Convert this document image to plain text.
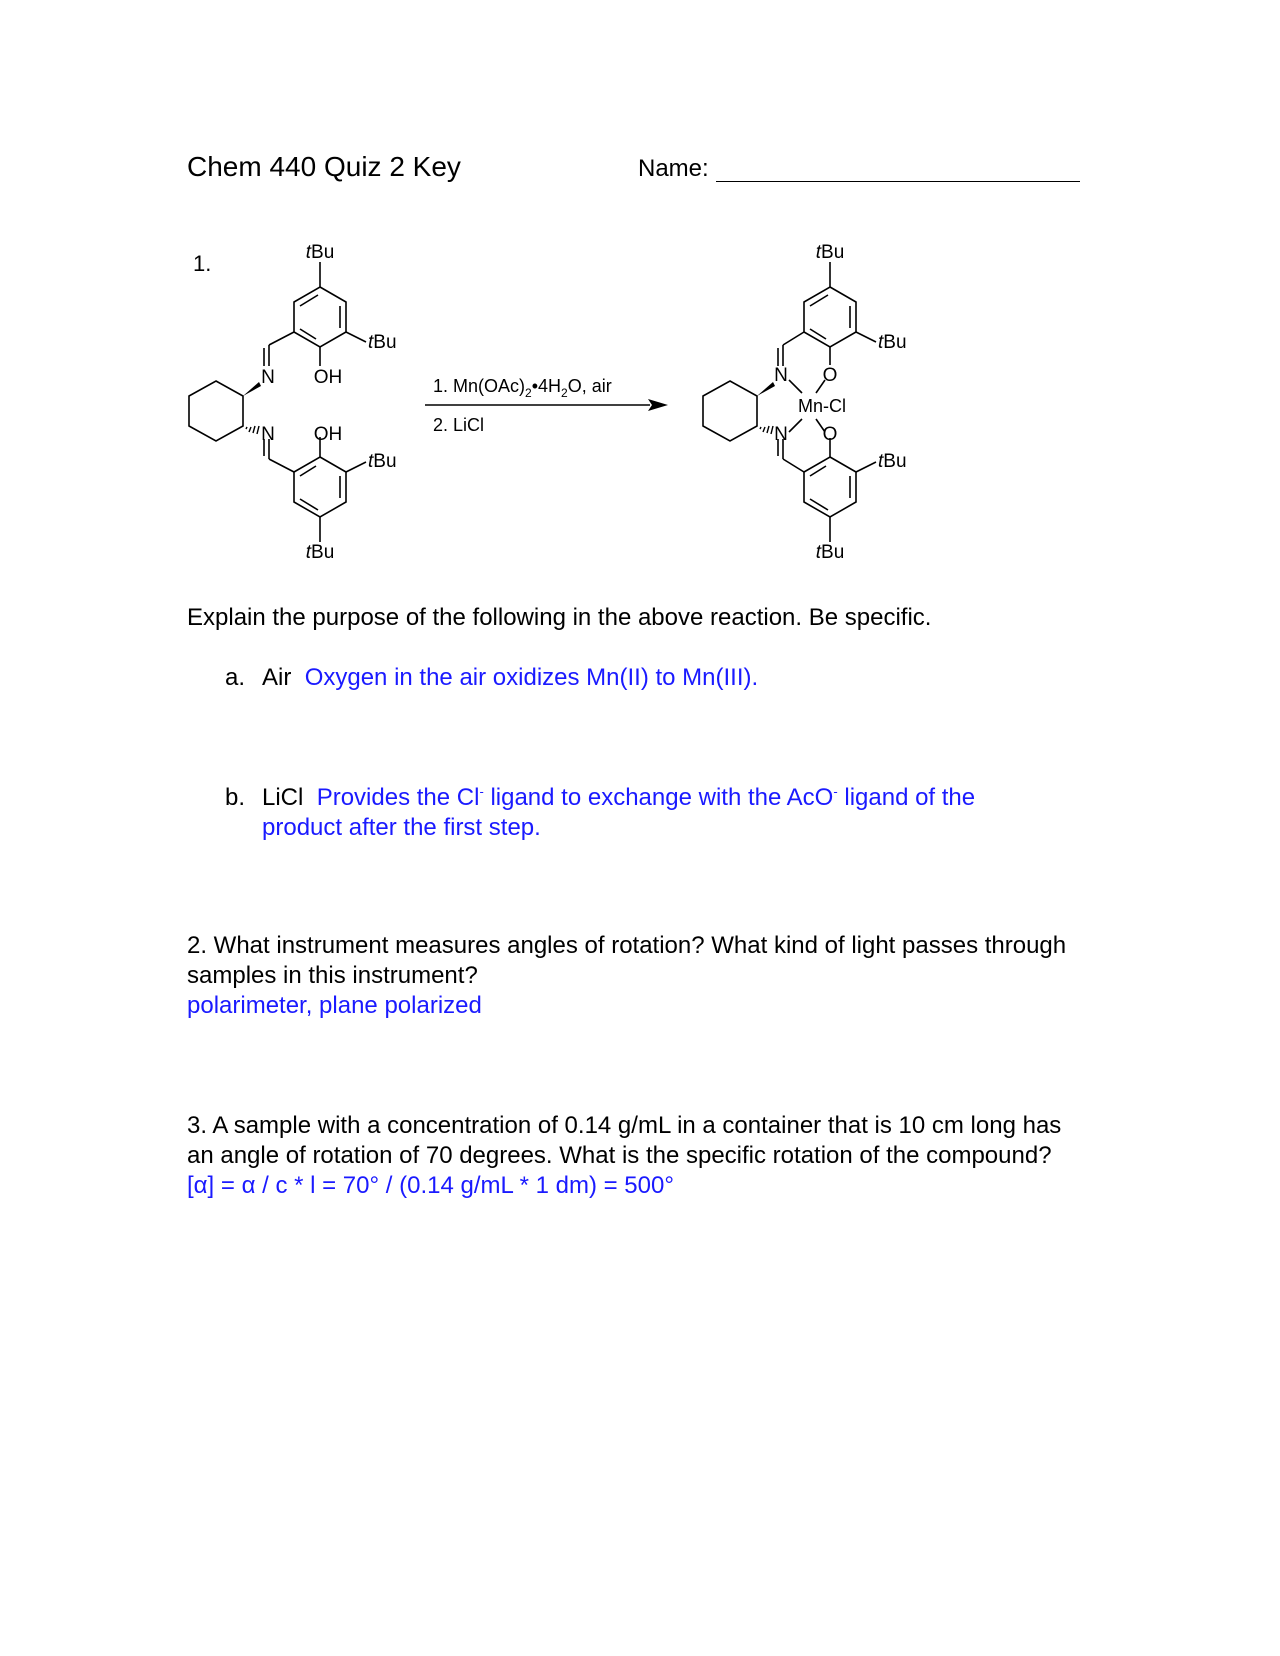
Chem 440 Quiz 2 Key	Name:
1.	tBu
tBu
tBu
tBu
N
N
OH
OH
1. $Mn(OAc)_2•4H_2O$, air
2. LiCl
tBu
tBu
tBu
tBu
N
N
O
O
Mn-Cl
Explain the purpose of the following in the above reaction. Be specific.
a. Air Oxygen in the air oxidizes Mn(II) to Mn(III).
b. LiCl Provides the Cl- ligand to exchange with the AcO- ligand of the
product after the first step.
2. What instrument measures angles of rotation? What kind of light passes through samples in this instrument?
polarimeter, plane polarized
3. A sample with a concentration of 0.14 g/mL in a container that is 10 cm long has an angle of rotation of 70 degrees. What is the specific rotation of the compound?
[α] = α / c * l = 70° / (0.14 g/mL * 1 dm) = 500°
